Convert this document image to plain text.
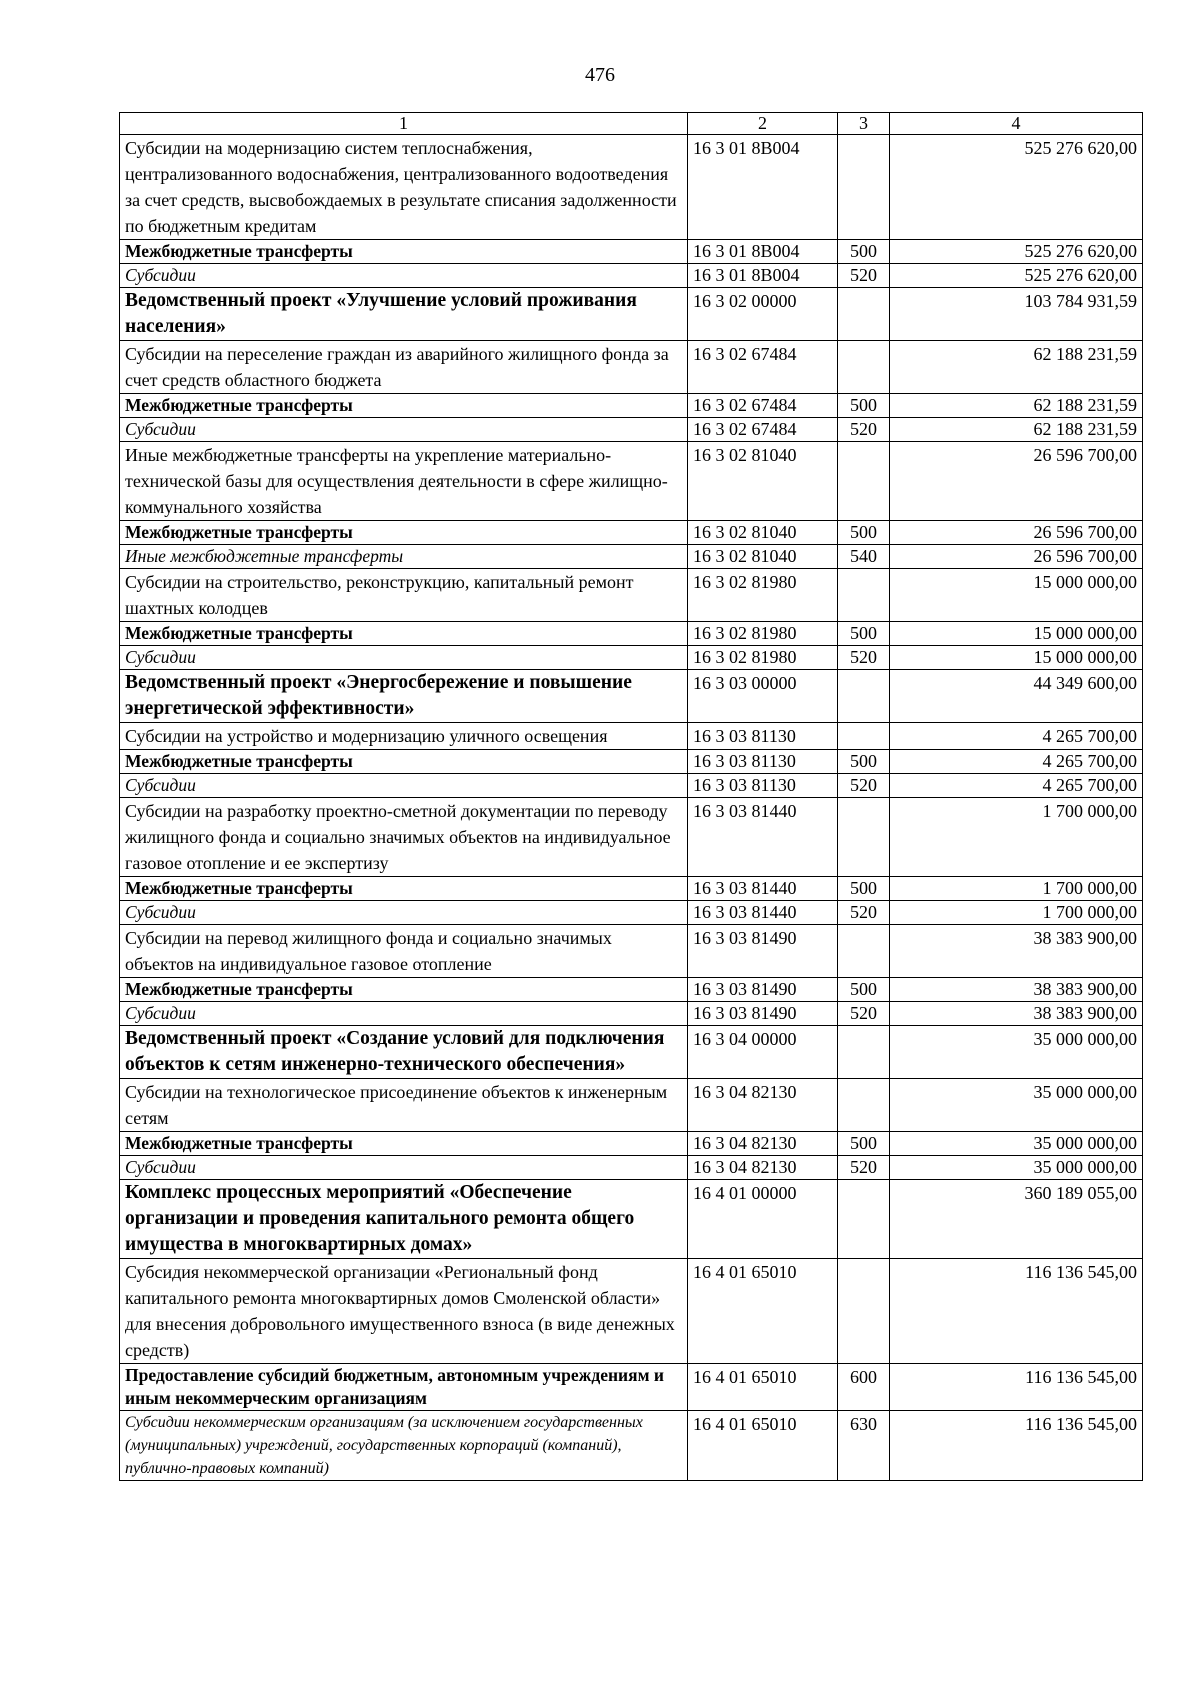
476
1	2	3	4
Субсидии на модернизацию систем теплоснабжения, централизованного водоснабжения, централизованного водоотведения за счет средств, высвобождаемых в результате списания задолженности по бюджетным кредитам	16 3 01 8В004		525 276 620,00
Межбюджетные трансферты	16 3 01 8В004	500	525 276 620,00
Субсидии	16 3 01 8В004	520	525 276 620,00
Ведомственный проект «Улучшение условий проживания населения»	16 3 02 00000		103 784 931,59
Субсидии на переселение граждан из аварийного жилищного фонда за счет средств областного бюджета	16 3 02 67484		62 188 231,59
Межбюджетные трансферты	16 3 02 67484	500	62 188 231,59
Субсидии	16 3 02 67484	520	62 188 231,59
Иные межбюджетные трансферты на укрепление материально-технической базы для осуществления деятельности в сфере жилищно-коммунального хозяйства	16 3 02 81040		26 596 700,00
Межбюджетные трансферты	16 3 02 81040	500	26 596 700,00
Иные межбюджетные трансферты	16 3 02 81040	540	26 596 700,00
Субсидии на строительство, реконструкцию, капитальный ремонт шахтных колодцев	16 3 02 81980		15 000 000,00
Межбюджетные трансферты	16 3 02 81980	500	15 000 000,00
Субсидии	16 3 02 81980	520	15 000 000,00
Ведомственный проект «Энергосбережение и повышение энергетической эффективности»	16 3 03 00000		44 349 600,00
Субсидии на устройство и модернизацию уличного освещения	16 3 03 81130		4 265 700,00
Межбюджетные трансферты	16 3 03 81130	500	4 265 700,00
Субсидии	16 3 03 81130	520	4 265 700,00
Субсидии на разработку проектно-сметной документации по переводу жилищного фонда и социально значимых объектов на индивидуальное газовое отопление и ее экспертизу	16 3 03 81440		1 700 000,00
Межбюджетные трансферты	16 3 03 81440	500	1 700 000,00
Субсидии	16 3 03 81440	520	1 700 000,00
Субсидии на перевод жилищного фонда и социально значимых объектов на индивидуальное газовое отопление	16 3 03 81490		38 383 900,00
Межбюджетные трансферты	16 3 03 81490	500	38 383 900,00
Субсидии	16 3 03 81490	520	38 383 900,00
Ведомственный проект «Создание условий для подключения объектов к сетям инженерно-технического обеспечения»	16 3 04 00000		35 000 000,00
Субсидии на технологическое присоединение объектов к инженерным сетям	16 3 04 82130		35 000 000,00
Межбюджетные трансферты	16 3 04 82130	500	35 000 000,00
Субсидии	16 3 04 82130	520	35 000 000,00
Комплекс процессных мероприятий «Обеспечение организации и проведения капитального ремонта общего имущества в многоквартирных домах»	16 4 01 00000		360 189 055,00
Субсидия некоммерческой организации «Региональный фонд капитального ремонта многоквартирных домов Смоленской области» для внесения добровольного имущественного взноса (в виде денежных средств)	16 4 01 65010		116 136 545,00
Предоставление субсидий бюджетным, автономным учреждениям и иным некоммерческим организациям	16 4 01 65010	600	116 136 545,00
Субсидии некоммерческим организациям (за исключением государственных (муниципальных) учреждений, государственных корпораций (компаний), публично-правовых компаний)	16 4 01 65010	630	116 136 545,00
